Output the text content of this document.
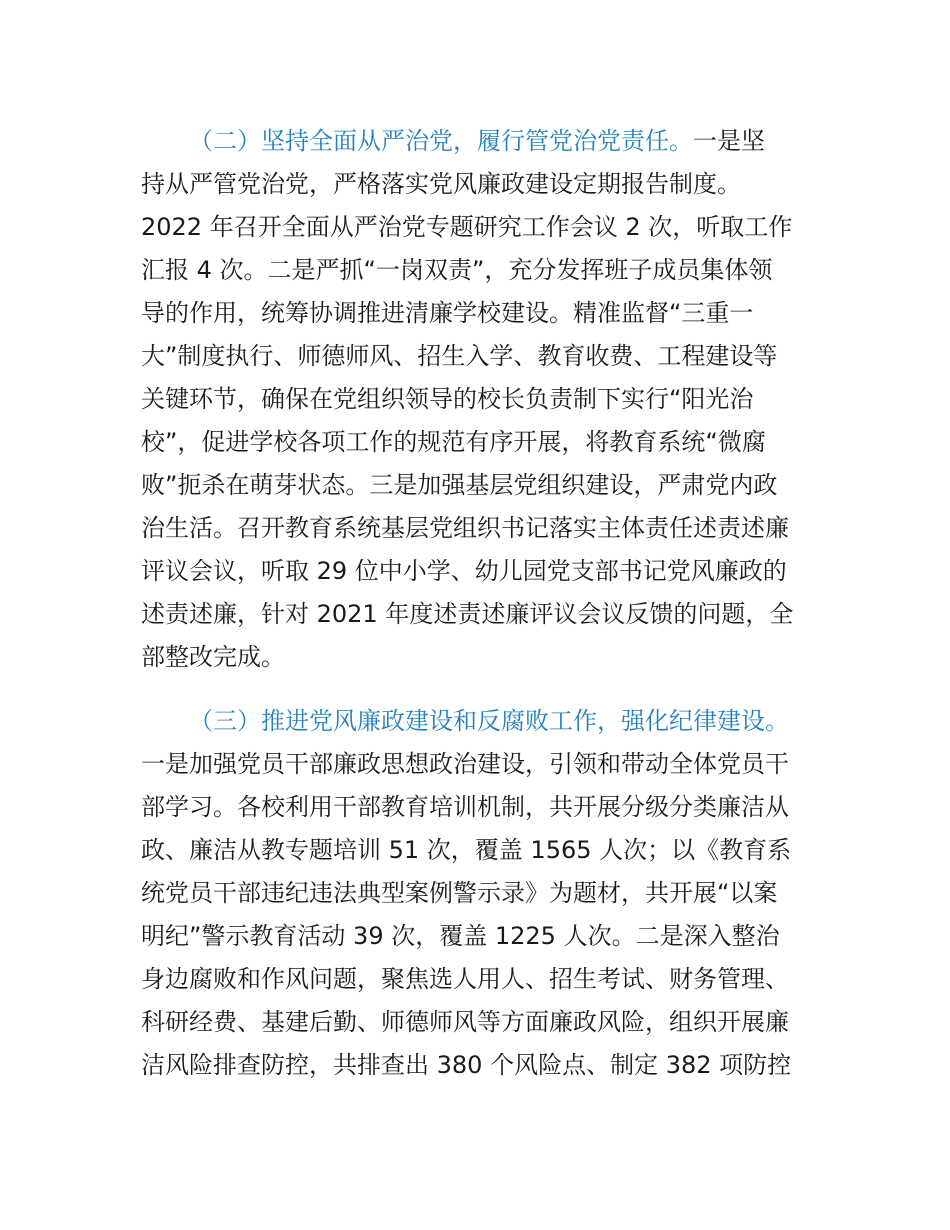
（二）坚持全面从严治党，履行管党治党责任。一是坚
持从严管党治党，严格落实党风廉政建设定期报告制度。
2022 年召开全面从严治党专题研究工作会议 2 次，听取工作
汇报 4 次。二是严抓“一岗双责”，充分发挥班子成员集体领
导的作用，统筹协调推进清廉学校建设。精准监督“三重一
大”制度执行、师德师风、招生入学、教育收费、工程建设等
关键环节，确保在党组织领导的校长负责制下实行“阳光治
校”，促进学校各项工作的规范有序开展，将教育系统“微腐
败”扼杀在萌芽状态。三是加强基层党组织建设，严肃党内政
治生活。召开教育系统基层党组织书记落实主体责任述责述廉
评议会议，听取 29 位中小学、幼儿园党支部书记党风廉政的
述责述廉，针对 2021 年度述责述廉评议会议反馈的问题，全
部整改完成。
（三）推进党风廉政建设和反腐败工作，强化纪律建设。
一是加强党员干部廉政思想政治建设，引领和带动全体党员干
部学习。各校利用干部教育培训机制，共开展分级分类廉洁从
政、廉洁从教专题培训 51 次，覆盖 1565 人次；以《教育系
统党员干部违纪违法典型案例警示录》为题材，共开展“以案
明纪”警示教育活动 39 次，覆盖 1225 人次。二是深入整治
身边腐败和作风问题，聚焦选人用人、招生考试、财务管理、
科研经费、基建后勤、师德师风等方面廉政风险，组织开展廉
洁风险排查防控，共排查出 380 个风险点、制定 382 项防控
